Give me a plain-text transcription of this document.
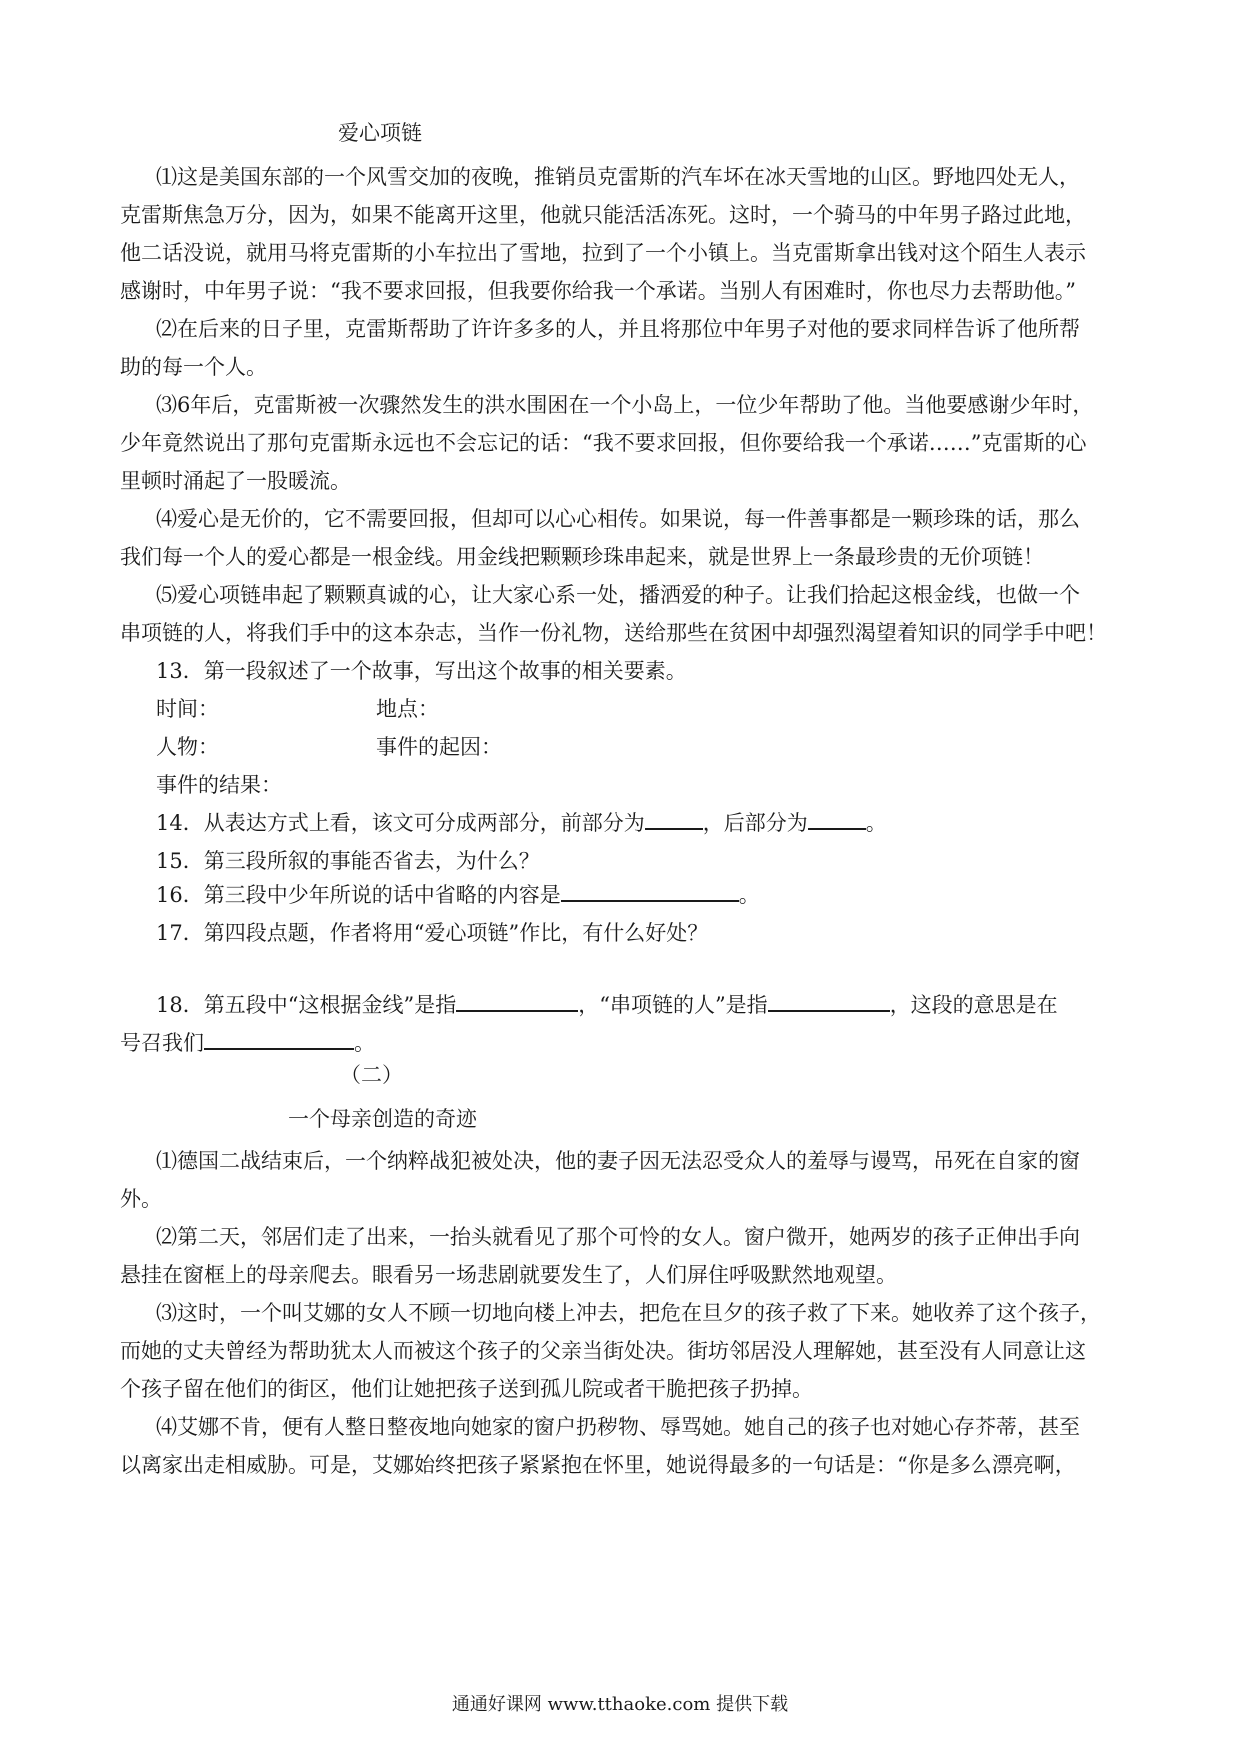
爱心项链
⑴这是美国东部的一个风雪交加的夜晚，推销员克雷斯的汽车坏在冰天雪地的山区。野地四处无人，
克雷斯焦急万分，因为，如果不能离开这里，他就只能活活冻死。这时，一个骑马的中年男子路过此地，
他二话没说，就用马将克雷斯的小车拉出了雪地，拉到了一个小镇上。当克雷斯拿出钱对这个陌生人表示
感谢时，中年男子说：“我不要求回报，但我要你给我一个承诺。当别人有困难时，你也尽力去帮助他。”
⑵在后来的日子里，克雷斯帮助了许许多多的人，并且将那位中年男子对他的要求同样告诉了他所帮
助的每一个人。
⑶6年后，克雷斯被一次骤然发生的洪水围困在一个小岛上，一位少年帮助了他。当他要感谢少年时，
少年竟然说出了那句克雷斯永远也不会忘记的话：“我不要求回报，但你要给我一个承诺……”克雷斯的心
里顿时涌起了一股暖流。
⑷爱心是无价的，它不需要回报，但却可以心心相传。如果说，每一件善事都是一颗珍珠的话，那么
我们每一个人的爱心都是一根金线。用金线把颗颗珍珠串起来，就是世界上一条最珍贵的无价项链！
⑸爱心项链串起了颗颗真诚的心，让大家心系一处，播洒爱的种子。让我们拾起这根金线，也做一个
串项链的人，将我们手中的这本杂志，当作一份礼物，送给那些在贫困中却强烈渴望着知识的同学手中吧！
13．第一段叙述了一个故事，写出这个故事的相关要素。
时间：	地点：
人物：	事件的起因：
事件的结果：
14．从表达方式上看，该文可分成两部分，前部分为	，后部分为	。
15．第三段所叙的事能否省去，为什么？
16．第三段中少年所说的话中省略的内容是	。
17．第四段点题，作者将用“爱心项链”作比，有什么好处？
18．第五段中“这根据金线”是指	，“串项链的人”是指	，这段的意思是在
号召我们	。
（二）
一个母亲创造的奇迹
⑴德国二战结束后，一个纳粹战犯被处决，他的妻子因无法忍受众人的羞辱与谩骂，吊死在自家的窗
外。
⑵第二天，邻居们走了出来，一抬头就看见了那个可怜的女人。窗户微开，她两岁的孩子正伸出手向
悬挂在窗框上的母亲爬去。眼看另一场悲剧就要发生了，人们屏住呼吸默然地观望。
⑶这时，一个叫艾娜的女人不顾一切地向楼上冲去，把危在旦夕的孩子救了下来。她收养了这个孩子，
而她的丈夫曾经为帮助犹太人而被这个孩子的父亲当街处决。街坊邻居没人理解她，甚至没有人同意让这
个孩子留在他们的街区，他们让她把孩子送到孤儿院或者干脆把孩子扔掉。
⑷艾娜不肯，便有人整日整夜地向她家的窗户扔秽物、辱骂她。她自己的孩子也对她心存芥蒂，甚至
以离家出走相威胁。可是，艾娜始终把孩子紧紧抱在怀里，她说得最多的一句话是：“你是多么漂亮啊，
通通好课网 www.tthaoke.com 提供下载
